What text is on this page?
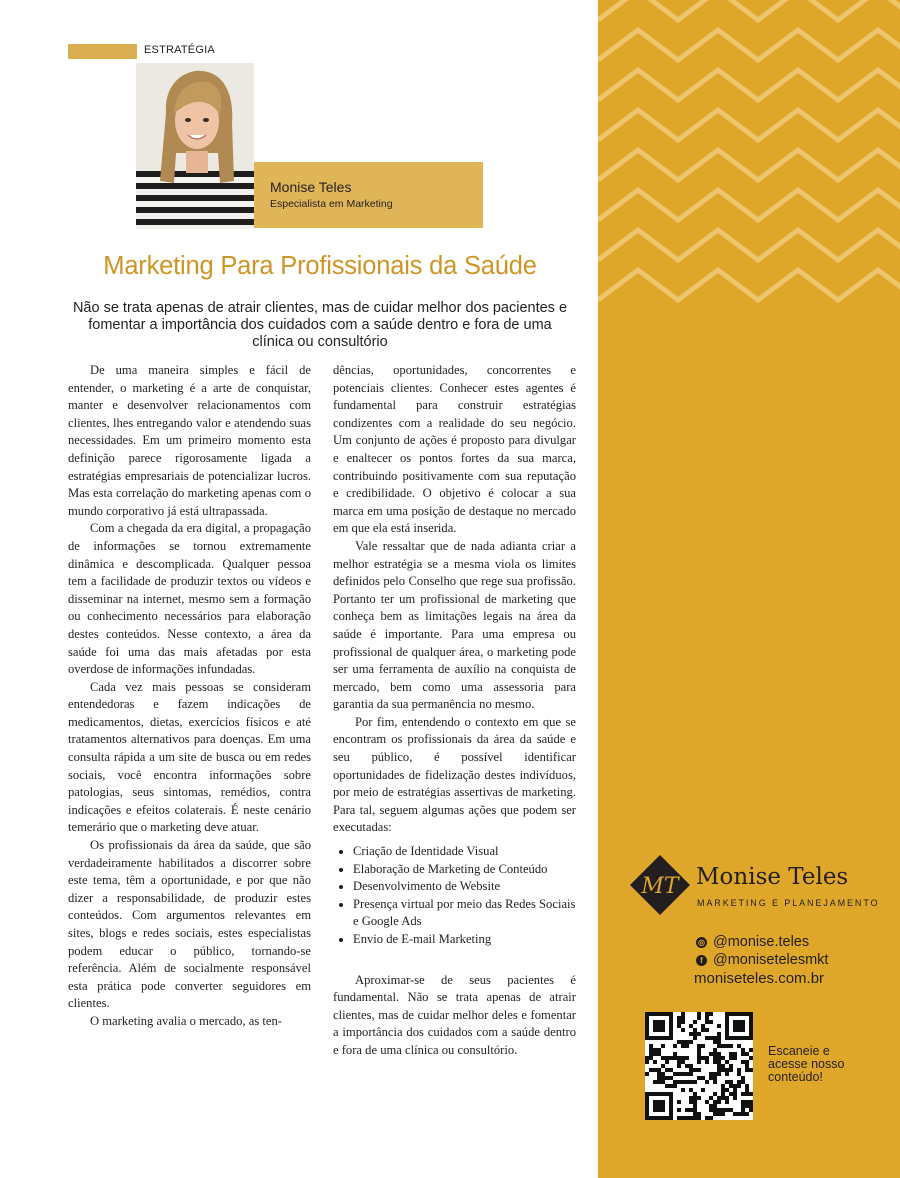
ESTRATÉGIA
Monise Teles
Especialista em Marketing
Marketing Para Profissionais da Saúde
Não se trata apenas de atrair clientes, mas de cuidar melhor dos pacientes e fomentar a importância dos cuidados com a saúde dentro e fora de uma clínica ou consultório

De uma maneira simples e fácil de entender, o marketing é a arte de conquistar, manter e desenvolver relacionamentos com clientes, lhes entregando valor e atendendo suas necessidades. Em um primeiro momento esta definição parece rigorosamente ligada a estratégias empresariais de potencializar lucros. Mas esta correlação do marketing apenas com o mundo corporativo já está ultrapassada.

Com a chegada da era digital, a propagação de informações se tornou extremamente dinâmica e descomplicada. Qualquer pessoa tem a facilidade de produzir textos ou vídeos e disseminar na internet, mesmo sem a formação ou conhecimento necessários para elaboração destes conteúdos. Nesse contexto, a área da saúde foi uma das mais afetadas por esta overdose de informações infundadas.

Cada vez mais pessoas se consideram entendedoras e fazem indicações de medicamentos, dietas, exercícios físicos e até tratamentos alternativos para doenças. Em uma consulta rápida a um site de busca ou em redes sociais, você encontra informações sobre patologias, seus sintomas, remédios, contra indicações e efeitos colaterais. É neste cenário temerário que o marketing deve atuar.

Os profissionais da área da saúde, que são verdadeiramente habilitados a discorrer sobre este tema, têm a oportunidade, e por que não dizer a responsabilidade, de produzir estes conteúdos. Com argumentos relevantes em sites, blogs e redes sociais, estes especialistas podem educar o público, tornando-se referência. Além de socialmente responsável esta prática pode converter seguidores em clientes.

O marketing avalia o mercado, as ten-

dências, oportunidades, concorrentes e potenciais clientes. Conhecer estes agentes é fundamental para construir estratégias condizentes com a realidade do seu negócio. Um conjunto de ações é proposto para divulgar e enaltecer os pontos fortes da sua marca, contribuindo positivamente com sua reputação e credibilidade. O objetivo é colocar a sua marca em uma posição de destaque no mercado em que ela está inserida.

Vale ressaltar que de nada adianta criar a melhor estratégia se a mesma viola os limites definidos pelo Conselho que rege sua profissão. Portanto ter um profissional de marketing que conheça bem as limitações legais na área da saúde é importante. Para uma empresa ou profissional de qualquer área, o marketing pode ser uma ferramenta de auxílio na conquista de mercado, bem como uma assessoria para garantia da sua permanência no mesmo.

Por fim, entendendo o contexto em que se encontram os profissionais da área da saúde e seu público, é possível identificar oportunidades de fidelização destes indivíduos, por meio de estratégias assertivas de marketing. Para tal, seguem algumas ações que podem ser executadas:

• Criação de Identidade Visual
• Elaboração de Marketing de Conteúdo
• Desenvolvimento de Website
• Presença virtual por meio das Redes Sociais e Google Ads
• Envio de E-mail Marketing

Aproximar-se de seus pacientes é fundamental. Não se trata apenas de atrair clientes, mas de cuidar melhor deles e fomentar a importância dos cuidados com a saúde dentro e fora de uma clínica ou consultório.

MT Monise Teles
MARKETING E PLANEJAMENTO
◎ @monise.teles
f @monisetelesmkt
moniseteles.com.br
Escaneie e acesse nosso conteúdo!
